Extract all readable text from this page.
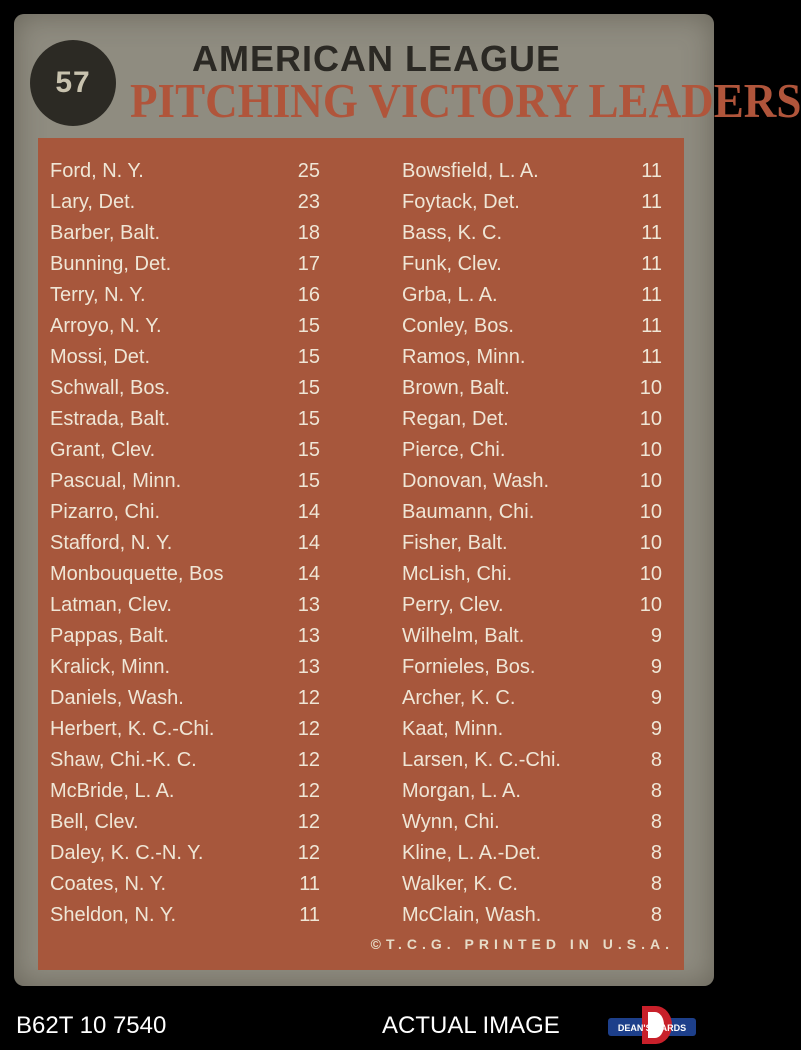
57
AMERICAN LEAGUE
PITCHING VICTORY LEADERS
Ford, N. Y.
Lary, Det.
Barber, Balt.
Bunning, Det.
Terry, N. Y.
Arroyo, N. Y.
Mossi, Det.
Schwall, Bos.
Estrada, Balt.
Grant, Clev.
Pascual, Minn.
Pizarro, Chi.
Stafford, N. Y.
Monbouquette, Bos
Latman, Clev.
Pappas, Balt.
Kralick, Minn.
Daniels, Wash.
Herbert, K. C.-Chi.
Shaw, Chi.-K. C.
McBride, L. A.
Bell, Clev.
Daley, K. C.-N. Y.
Coates, N. Y.
Sheldon, N. Y.
25
23
18
17
16
15
15
15
15
15
15
14
14
14
13
13
13
12
12
12
12
12
12
11
11
Bowsfield, L. A.
Foytack, Det.
Bass, K. C.
Funk, Clev.
Grba, L. A.
Conley, Bos.
Ramos, Minn.
Brown, Balt.
Regan, Det.
Pierce, Chi.
Donovan, Wash.
Baumann, Chi.
Fisher, Balt.
McLish, Chi.
Perry, Clev.
Wilhelm, Balt.
Fornieles, Bos.
Archer, K. C.
Kaat, Minn.
Larsen, K. C.-Chi.
Morgan, L. A.
Wynn, Chi.
Kline, L. A.-Det.
Walker, K. C.
McClain, Wash.
11
11
11
11
11
11
11
10
10
10
10
10
10
10
10
9
9
9
9
8
8
8
8
8
8
©T.C.G. PRINTED IN U.S.A.
B62T 10 7540	ACTUAL IMAGE	DEAN'S CARDS
